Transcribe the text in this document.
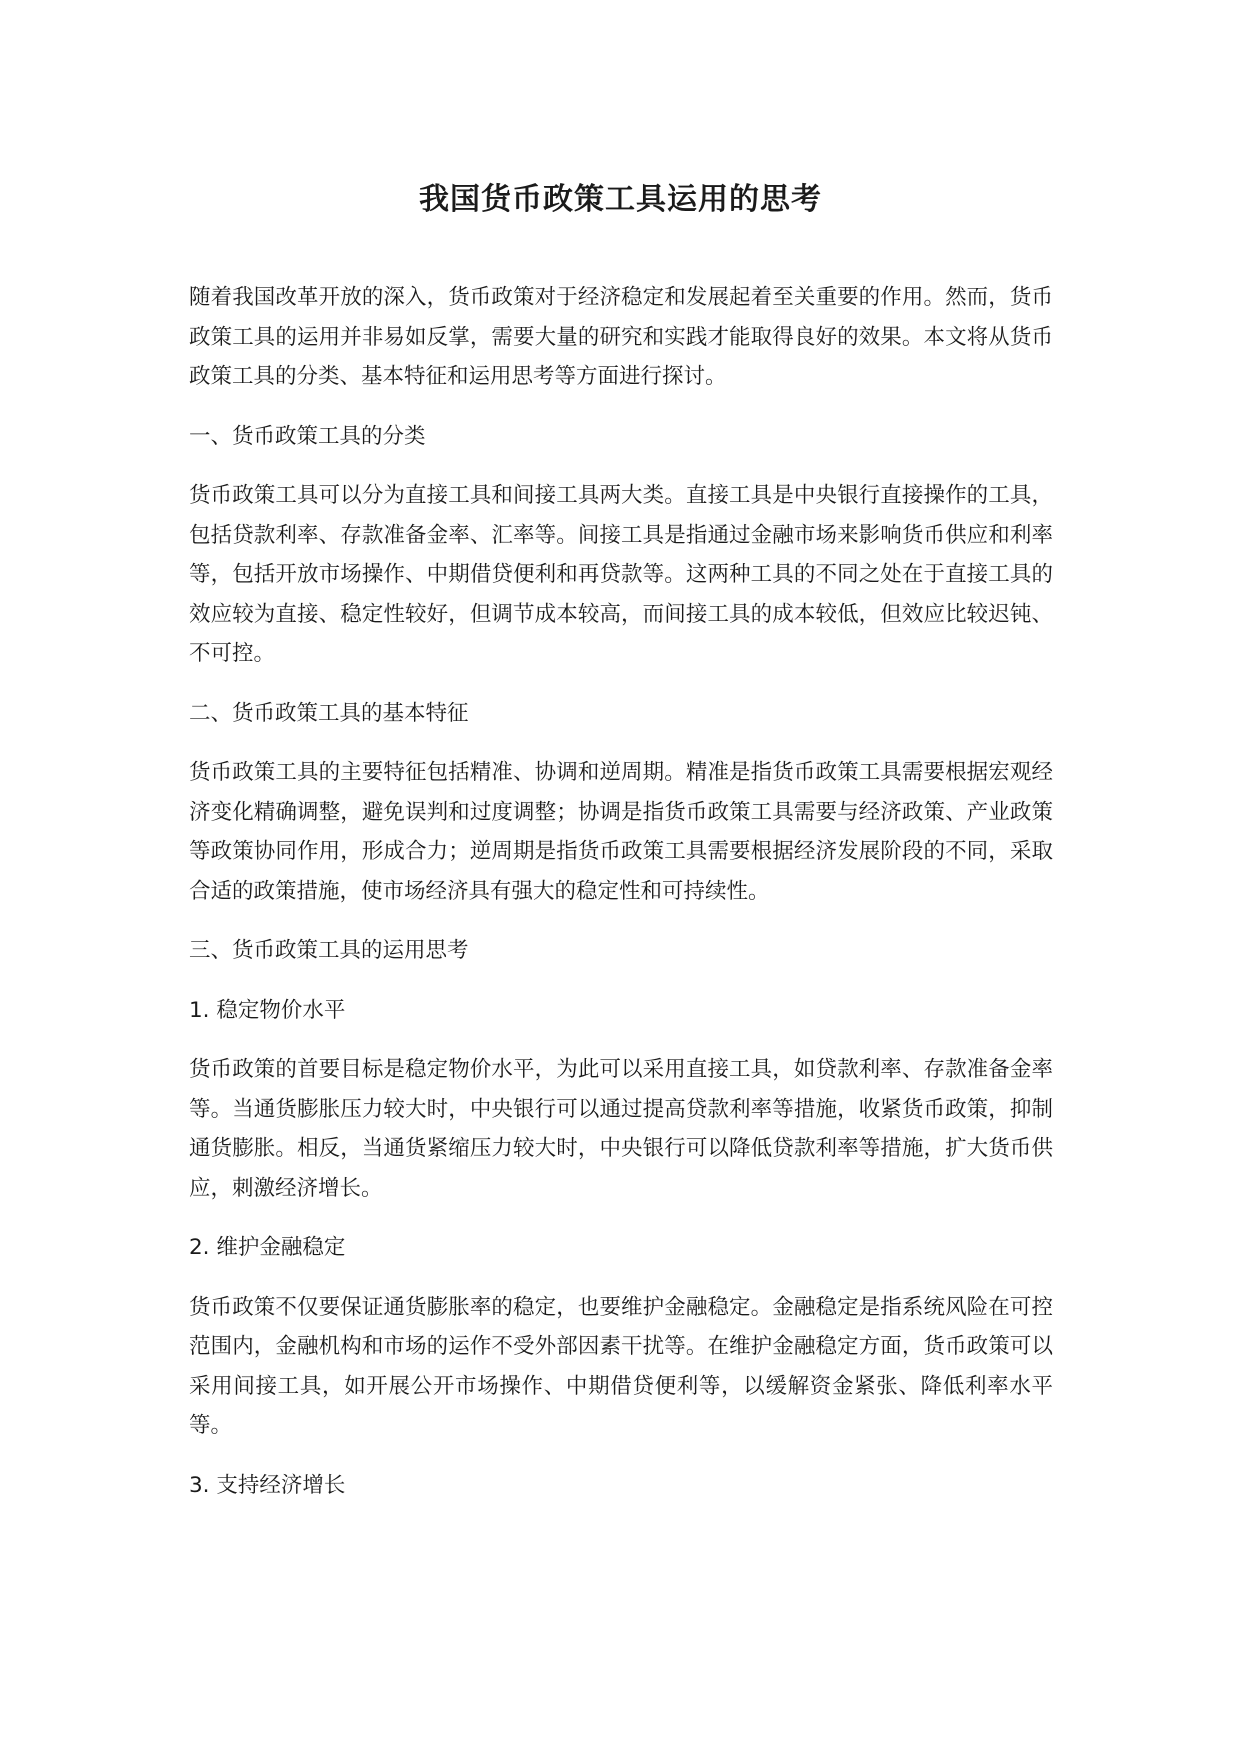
我国货币政策工具运用的思考

随着我国改革开放的深入，货币政策对于经济稳定和发展起着至关重要的作用。然而，货币政策工具的运用并非易如反掌，需要大量的研究和实践才能取得良好的效果。本文将从货币政策工具的分类、基本特征和运用思考等方面进行探讨。

一、货币政策工具的分类

货币政策工具可以分为直接工具和间接工具两大类。直接工具是中央银行直接操作的工具，包括贷款利率、存款准备金率、汇率等。间接工具是指通过金融市场来影响货币供应和利率等，包括开放市场操作、中期借贷便利和再贷款等。这两种工具的不同之处在于直接工具的效应较为直接、稳定性较好，但调节成本较高，而间接工具的成本较低，但效应比较迟钝、不可控。

二、货币政策工具的基本特征

货币政策工具的主要特征包括精准、协调和逆周期。精准是指货币政策工具需要根据宏观经济变化精确调整，避免误判和过度调整；协调是指货币政策工具需要与经济政策、产业政策等政策协同作用，形成合力；逆周期是指货币政策工具需要根据经济发展阶段的不同，采取合适的政策措施，使市场经济具有强大的稳定性和可持续性。

三、货币政策工具的运用思考

1. 稳定物价水平

货币政策的首要目标是稳定物价水平，为此可以采用直接工具，如贷款利率、存款准备金率等。当通货膨胀压力较大时，中央银行可以通过提高贷款利率等措施，收紧货币政策，抑制通货膨胀。相反，当通货紧缩压力较大时，中央银行可以降低贷款利率等措施，扩大货币供应，刺激经济增长。

2. 维护金融稳定

货币政策不仅要保证通货膨胀率的稳定，也要维护金融稳定。金融稳定是指系统风险在可控范围内，金融机构和市场的运作不受外部因素干扰等。在维护金融稳定方面，货币政策可以采用间接工具，如开展公开市场操作、中期借贷便利等，以缓解资金紧张、降低利率水平等。

3. 支持经济增长
